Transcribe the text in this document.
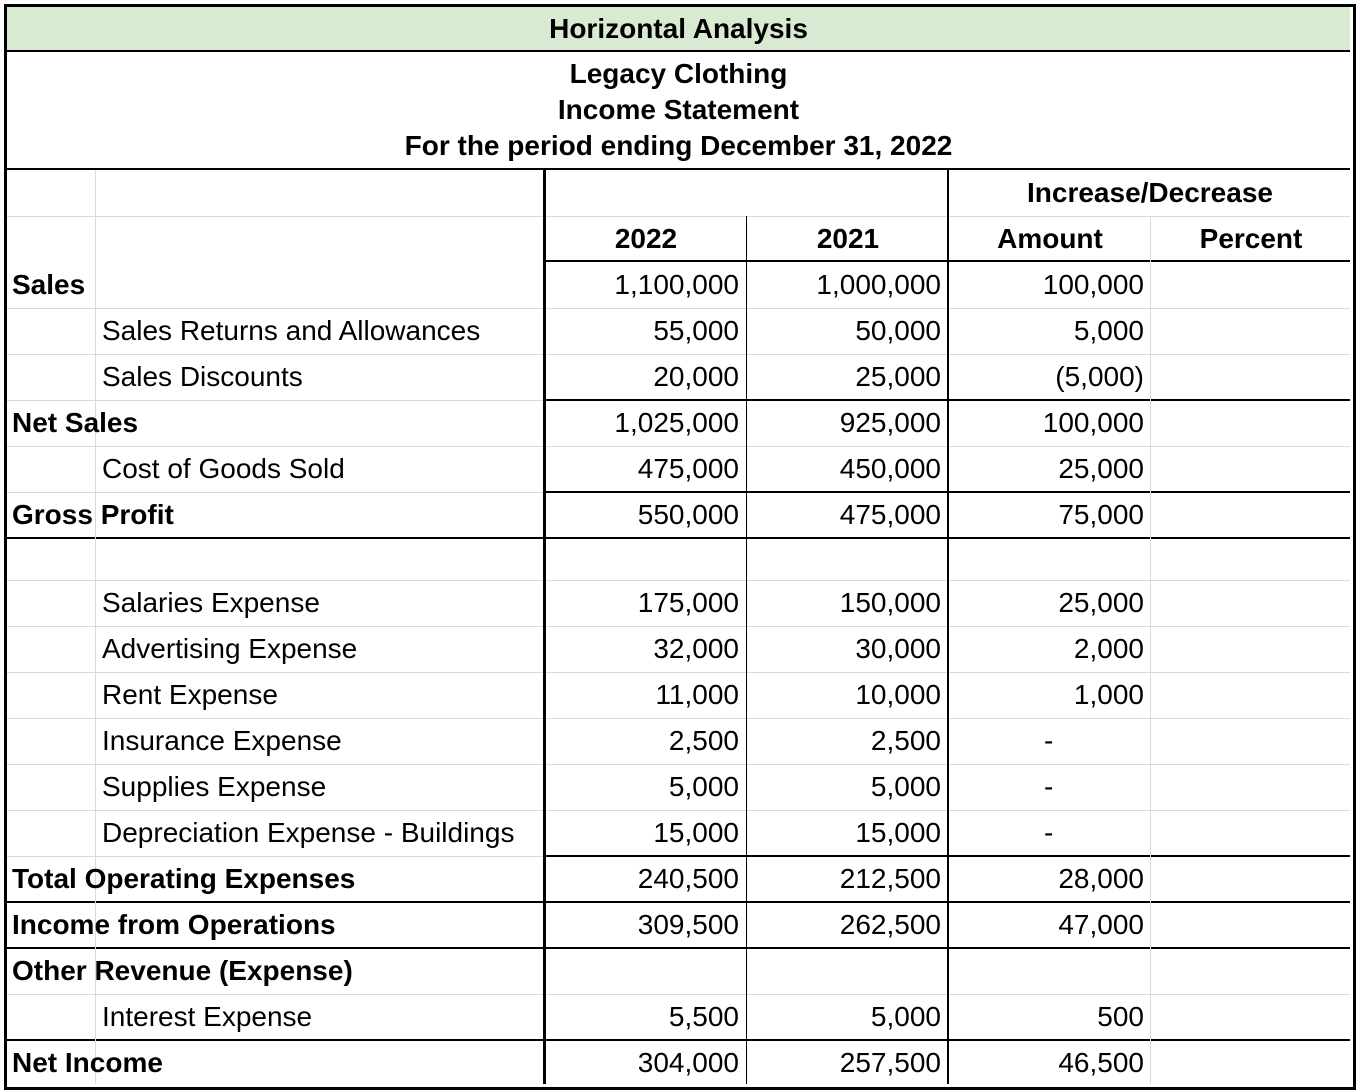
Horizontal Analysis
Legacy Clothing
Income Statement
For the period ending December 31, 2022
Increase/Decrease
2022	2021	Amount	Percent
Sales	1,100,000	1,000,000	100,000
Sales Returns and Allowances	55,000	50,000	5,000
Sales Discounts	20,000	25,000	(5,000)
Net Sales	1,025,000	925,000	100,000
Cost of Goods Sold	475,000	450,000	25,000
Gross Profit	550,000	475,000	75,000
Salaries Expense	175,000	150,000	25,000
Advertising Expense	32,000	30,000	2,000
Rent Expense	11,000	10,000	1,000
Insurance Expense	2,500	2,500	-
Supplies Expense	5,000	5,000	-
Depreciation Expense - Buildings	15,000	15,000	-
Total Operating Expenses	240,500	212,500	28,000
Income from Operations	309,500	262,500	47,000
Other Revenue (Expense)
Interest Expense	5,500	5,000	500
Net Income	304,000	257,500	46,500
